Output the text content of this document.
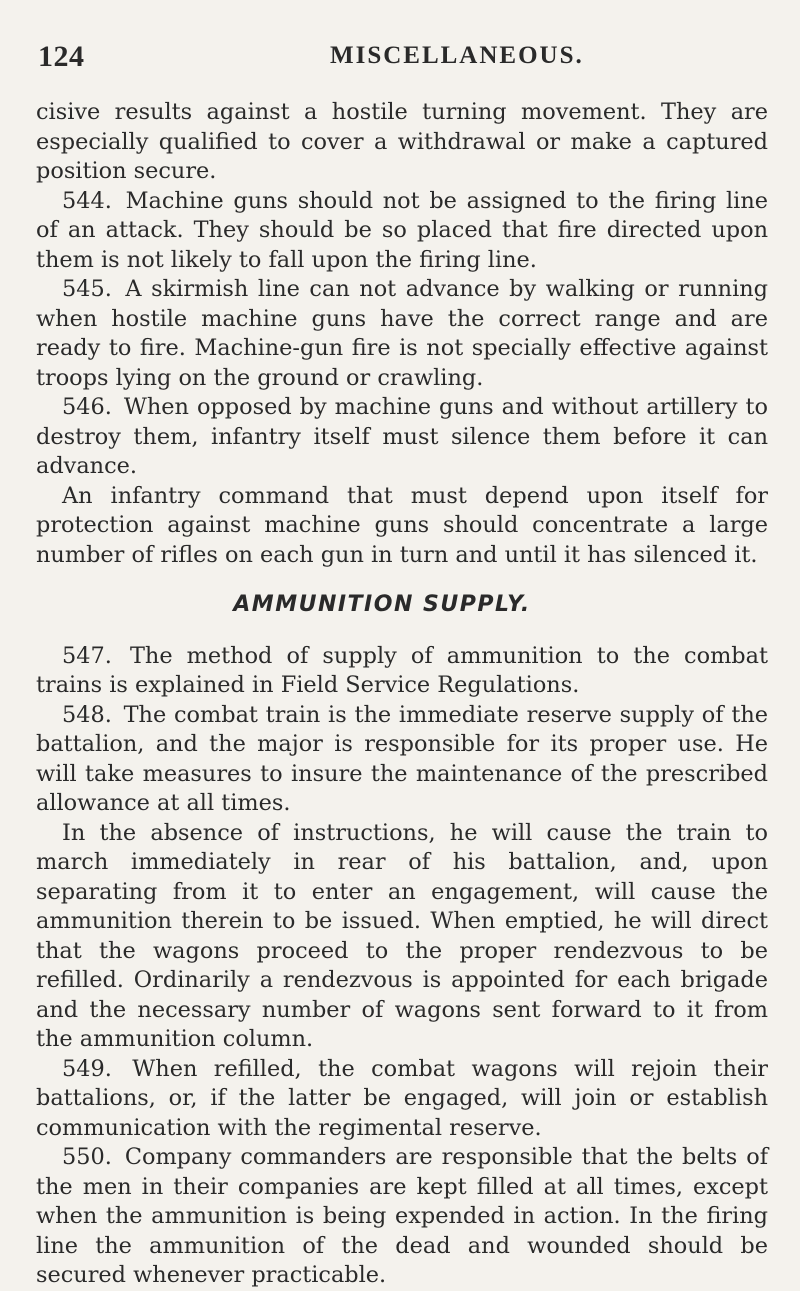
124	MISCELLANEOUS.

cisive results against a hostile turning movement. They are especially qualified to cover a withdrawal or make a captured position secure.

544. Machine guns should not be assigned to the firing line of an attack. They should be so placed that fire directed upon them is not likely to fall upon the firing line.

545. A skirmish line can not advance by walking or running when hostile machine guns have the correct range and are ready to fire. Machine-gun fire is not specially effective against troops lying on the ground or crawling.

546. When opposed by machine guns and without artillery to destroy them, infantry itself must silence them before it can advance.

An infantry command that must depend upon itself for protection against machine guns should concentrate a large number of rifles on each gun in turn and until it has silenced it.

AMMUNITION SUPPLY.

547. The method of supply of ammunition to the combat trains is explained in Field Service Regulations.

548. The combat train is the immediate reserve supply of the battalion, and the major is responsible for its proper use. He will take measures to insure the maintenance of the prescribed allowance at all times.

In the absence of instructions, he will cause the train to march immediately in rear of his battalion, and, upon separating from it to enter an engagement, will cause the ammunition therein to be issued. When emptied, he will direct that the wagons proceed to the proper rendezvous to be refilled. Ordinarily a rendezvous is appointed for each brigade and the necessary number of wagons sent forward to it from the ammunition column.

549. When refilled, the combat wagons will rejoin their battalions, or, if the latter be engaged, will join or establish communication with the regimental reserve.

550. Company commanders are responsible that the belts of the men in their companies are kept filled at all times, except when the ammunition is being expended in action. In the firing line the ammunition of the dead and wounded should be secured whenever practicable.
